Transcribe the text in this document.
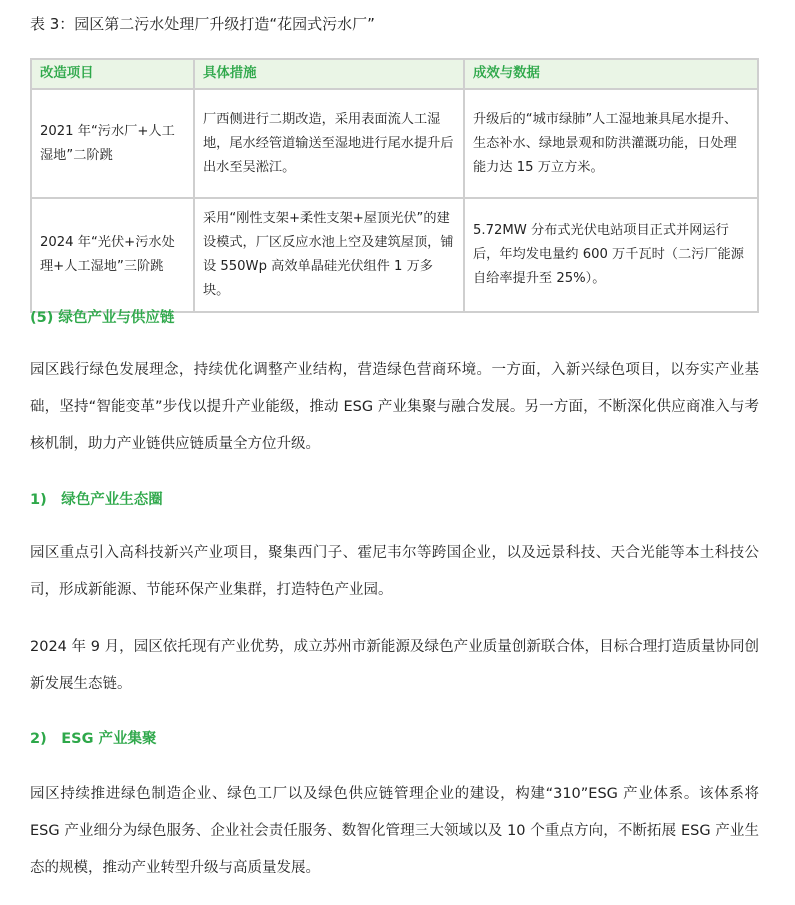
表 3：园区第二污水处理厂升级打造“花园式污水厂”
改造项目	具体措施	成效与数据
2021 年“污水厂+人工湿地”二阶跳	厂西侧进行二期改造，采用表面流人工湿地，尾水经管道输送至湿地进行尾水提升后出水至吴淞江。	升级后的“城市绿肺”人工湿地兼具尾水提升、生态补水、绿地景观和防洪灌溉功能，日处理能力达 15 万立方米。
2024 年“光伏+污水处理+人工湿地”三阶跳	采用“刚性支架+柔性支架+屋顶光伏”的建设模式，厂区反应水池上空及建筑屋顶，铺设 550Wp 高效单晶硅光伏组件 1 万多块。	5.72MW 分布式光伏电站项目正式并网运行后，年均发电量约 600 万千瓦时（二污厂能源自给率提升至 25%）。
(5) 绿色产业与供应链
园区践行绿色发展理念，持续优化调整产业结构，营造绿色营商环境。一方面，入新兴绿色项目，以夯实产业基础，坚持“智能变革”步伐以提升产业能级，推动 ESG 产业集聚与融合发展。另一方面，不断深化供应商准入与考核机制，助力产业链供应链质量全方位升级。
1)　绿色产业生态圈
园区重点引入高科技新兴产业项目，聚集西门子、霍尼韦尔等跨国企业，以及远景科技、天合光能等本土科技公司，形成新能源、节能环保产业集群，打造特色产业园。
2024 年 9 月，园区依托现有产业优势，成立苏州市新能源及绿色产业质量创新联合体，目标合理打造质量协同创新发展生态链。
2)　ESG 产业集聚
园区持续推进绿色制造企业、绿色工厂以及绿色供应链管理企业的建设，构建“310”ESG 产业体系。该体系将 ESG 产业细分为绿色服务、企业社会责任服务、数智化管理三大领域以及 10 个重点方向，不断拓展 ESG 产业生态的规模，推动产业转型升级与高质量发展。
